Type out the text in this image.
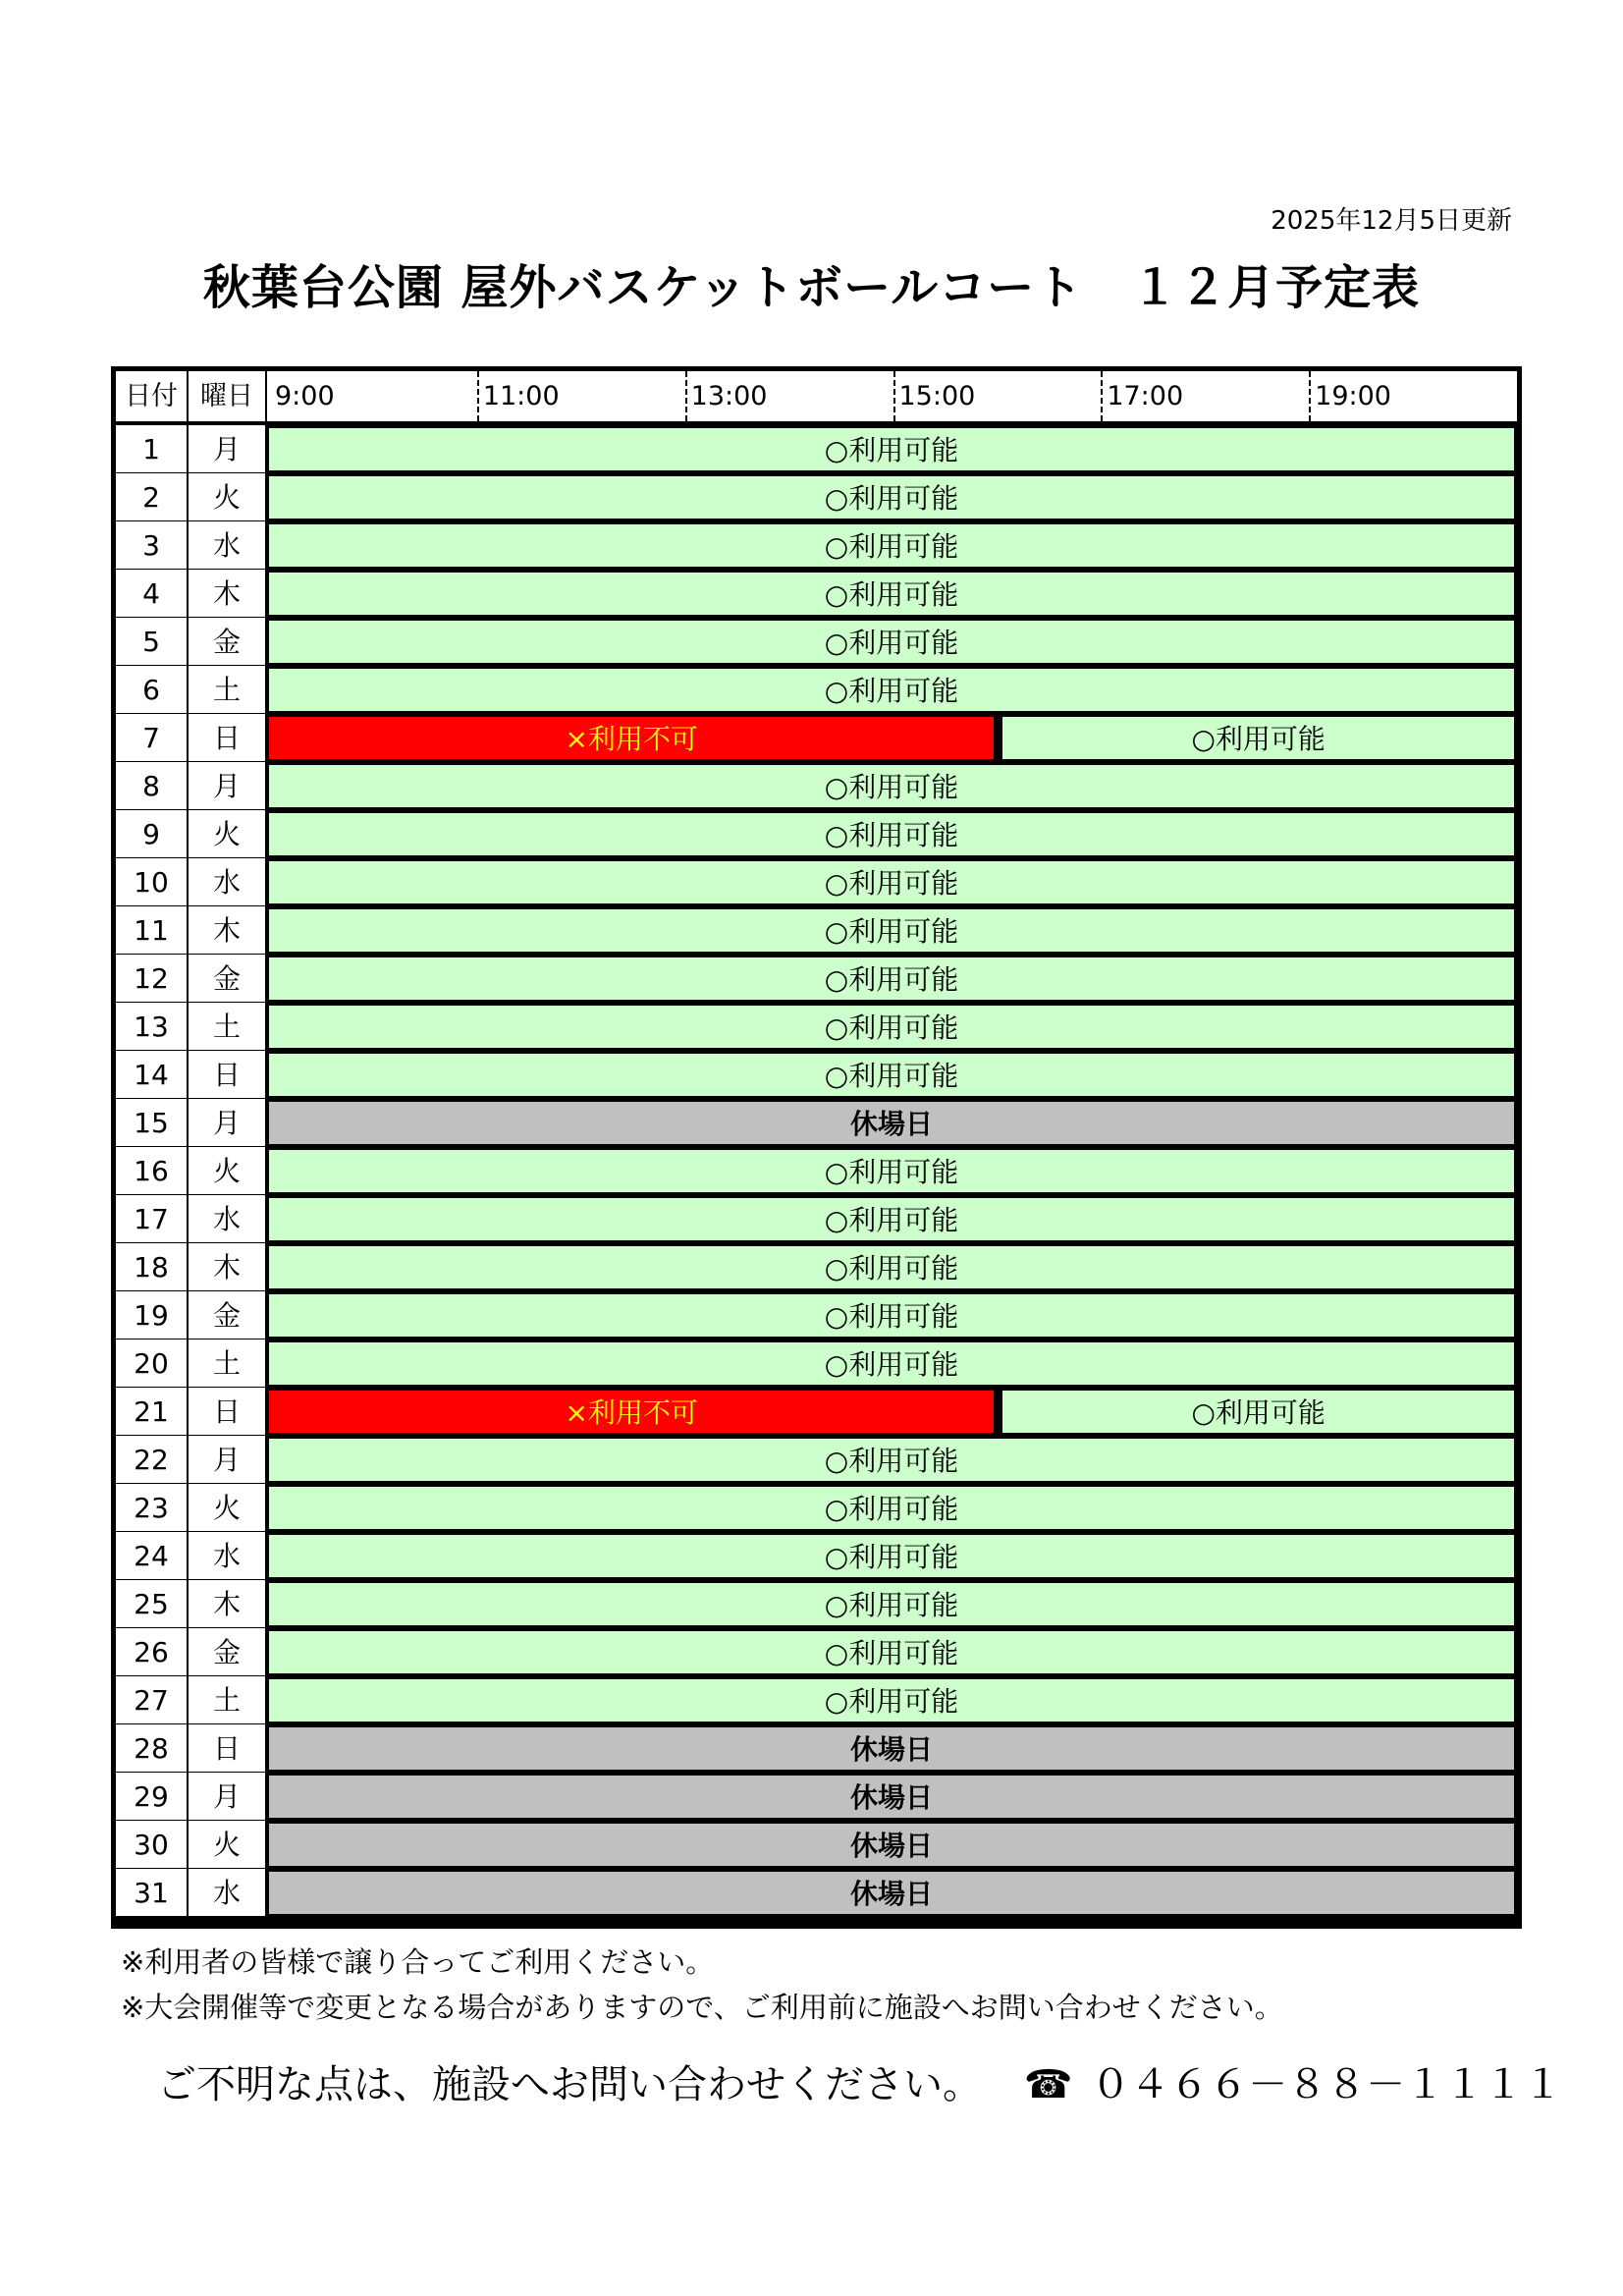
2025年12月5日更新
秋葉台公園 屋外バスケットボールコート　１２月予定表
日付 曜日 9:00	11:00	13:00	15:00	17:00	19:00
1	月	○利用可能
2	火	○利用可能
3	水	○利用可能
4	木	○利用可能
5	金	○利用可能
6	土	○利用可能
7	日	×利用不可	○利用可能
8	月	○利用可能
9	火	○利用可能
10	水	○利用可能
11	木	○利用可能
12	金	○利用可能
13	土	○利用可能
14	日	○利用可能
15	月	休場日
16	火	○利用可能
17	水	○利用可能
18	木	○利用可能
19	金	○利用可能
20	土	○利用可能
21	日	×利用不可	○利用可能
22	月	○利用可能
23	火	○利用可能
24	水	○利用可能
25	木	○利用可能
26	金	○利用可能
27	土	○利用可能
28	日	休場日
29	月	休場日
30	火	休場日
31	水	休場日
※利用者の皆様で譲り合ってご利用ください。
※大会開催等で変更となる場合がありますので、ご利用前に施設へお問い合わせください。
ご不明な点は、施設へお問い合わせください。 ☎ ０４６６－８８－１１１１
